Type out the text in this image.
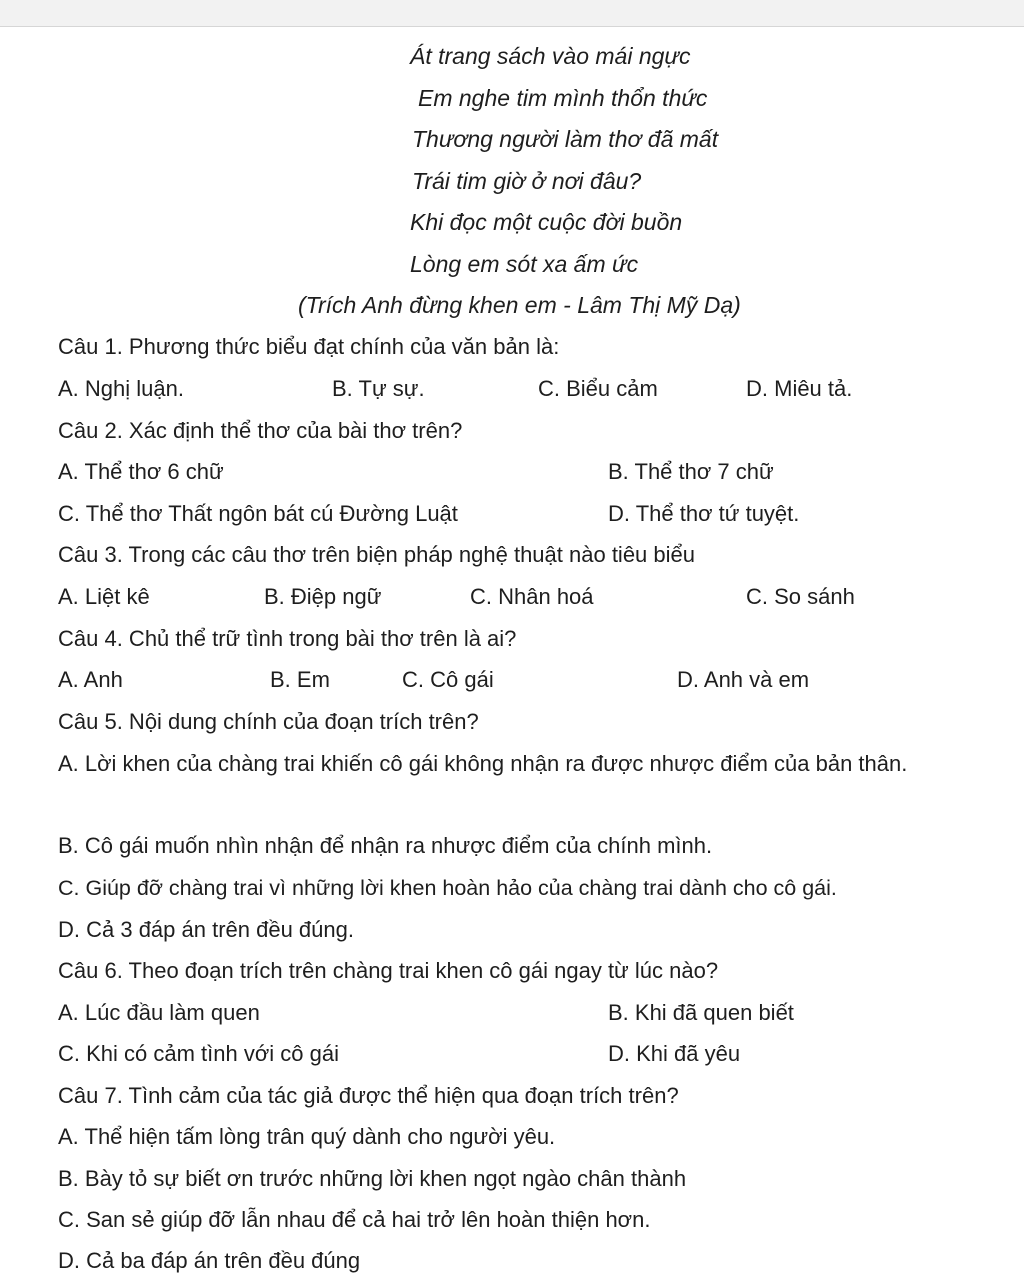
Át trang sách vào mái ngực
Em nghe tim mình thổn thức
Thương người làm thơ đã mất
Trái tim giờ ở nơi đâu?
Khi đọc một cuộc đời buồn
Lòng em sót xa ấm ức
(Trích Anh đừng khen em - Lâm Thị Mỹ Dạ)
Câu 1. Phương thức biểu đạt chính của văn bản là:
A. Nghị luận.	B. Tự sự.	C. Biểu cảm	D. Miêu tả.
Câu 2. Xác định thể thơ của bài thơ trên?
A. Thể thơ 6 chữ	B. Thể thơ 7 chữ
C. Thể thơ Thất ngôn bát cú Đường Luật	D. Thể thơ tứ tuyệt.
Câu 3. Trong các câu thơ trên biện pháp nghệ thuật nào tiêu biểu
A. Liệt kê	B. Điệp ngữ	C. Nhân hoá	C. So sánh
Câu 4. Chủ thể trữ tình trong bài thơ trên là ai?
A. Anh	B. Em	C. Cô gái	D. Anh và em
Câu 5. Nội dung chính của đoạn trích trên?
A. Lời khen của chàng trai khiến cô gái không nhận ra được nhược điểm của bản thân.
B. Cô gái muốn nhìn nhận để nhận ra nhược điểm của chính mình.
C. Giúp đỡ chàng trai vì những lời khen hoàn hảo của chàng trai dành cho cô gái.
D. Cả 3 đáp án trên đều đúng.
Câu 6. Theo đoạn trích trên chàng trai khen cô gái ngay từ lúc nào?
A. Lúc đầu làm quen	B. Khi đã quen biết
C. Khi có cảm tình với cô gái	D. Khi đã yêu
Câu 7. Tình cảm của tác giả được thể hiện qua đoạn trích trên?
A. Thể hiện tấm lòng trân quý dành cho người yêu.
B. Bày tỏ sự biết ơn trước những lời khen ngọt ngào chân thành
C. San sẻ giúp đỡ lẫn nhau để cả hai trở lên hoàn thiện hơn.
D. Cả ba đáp án trên đều đúng
